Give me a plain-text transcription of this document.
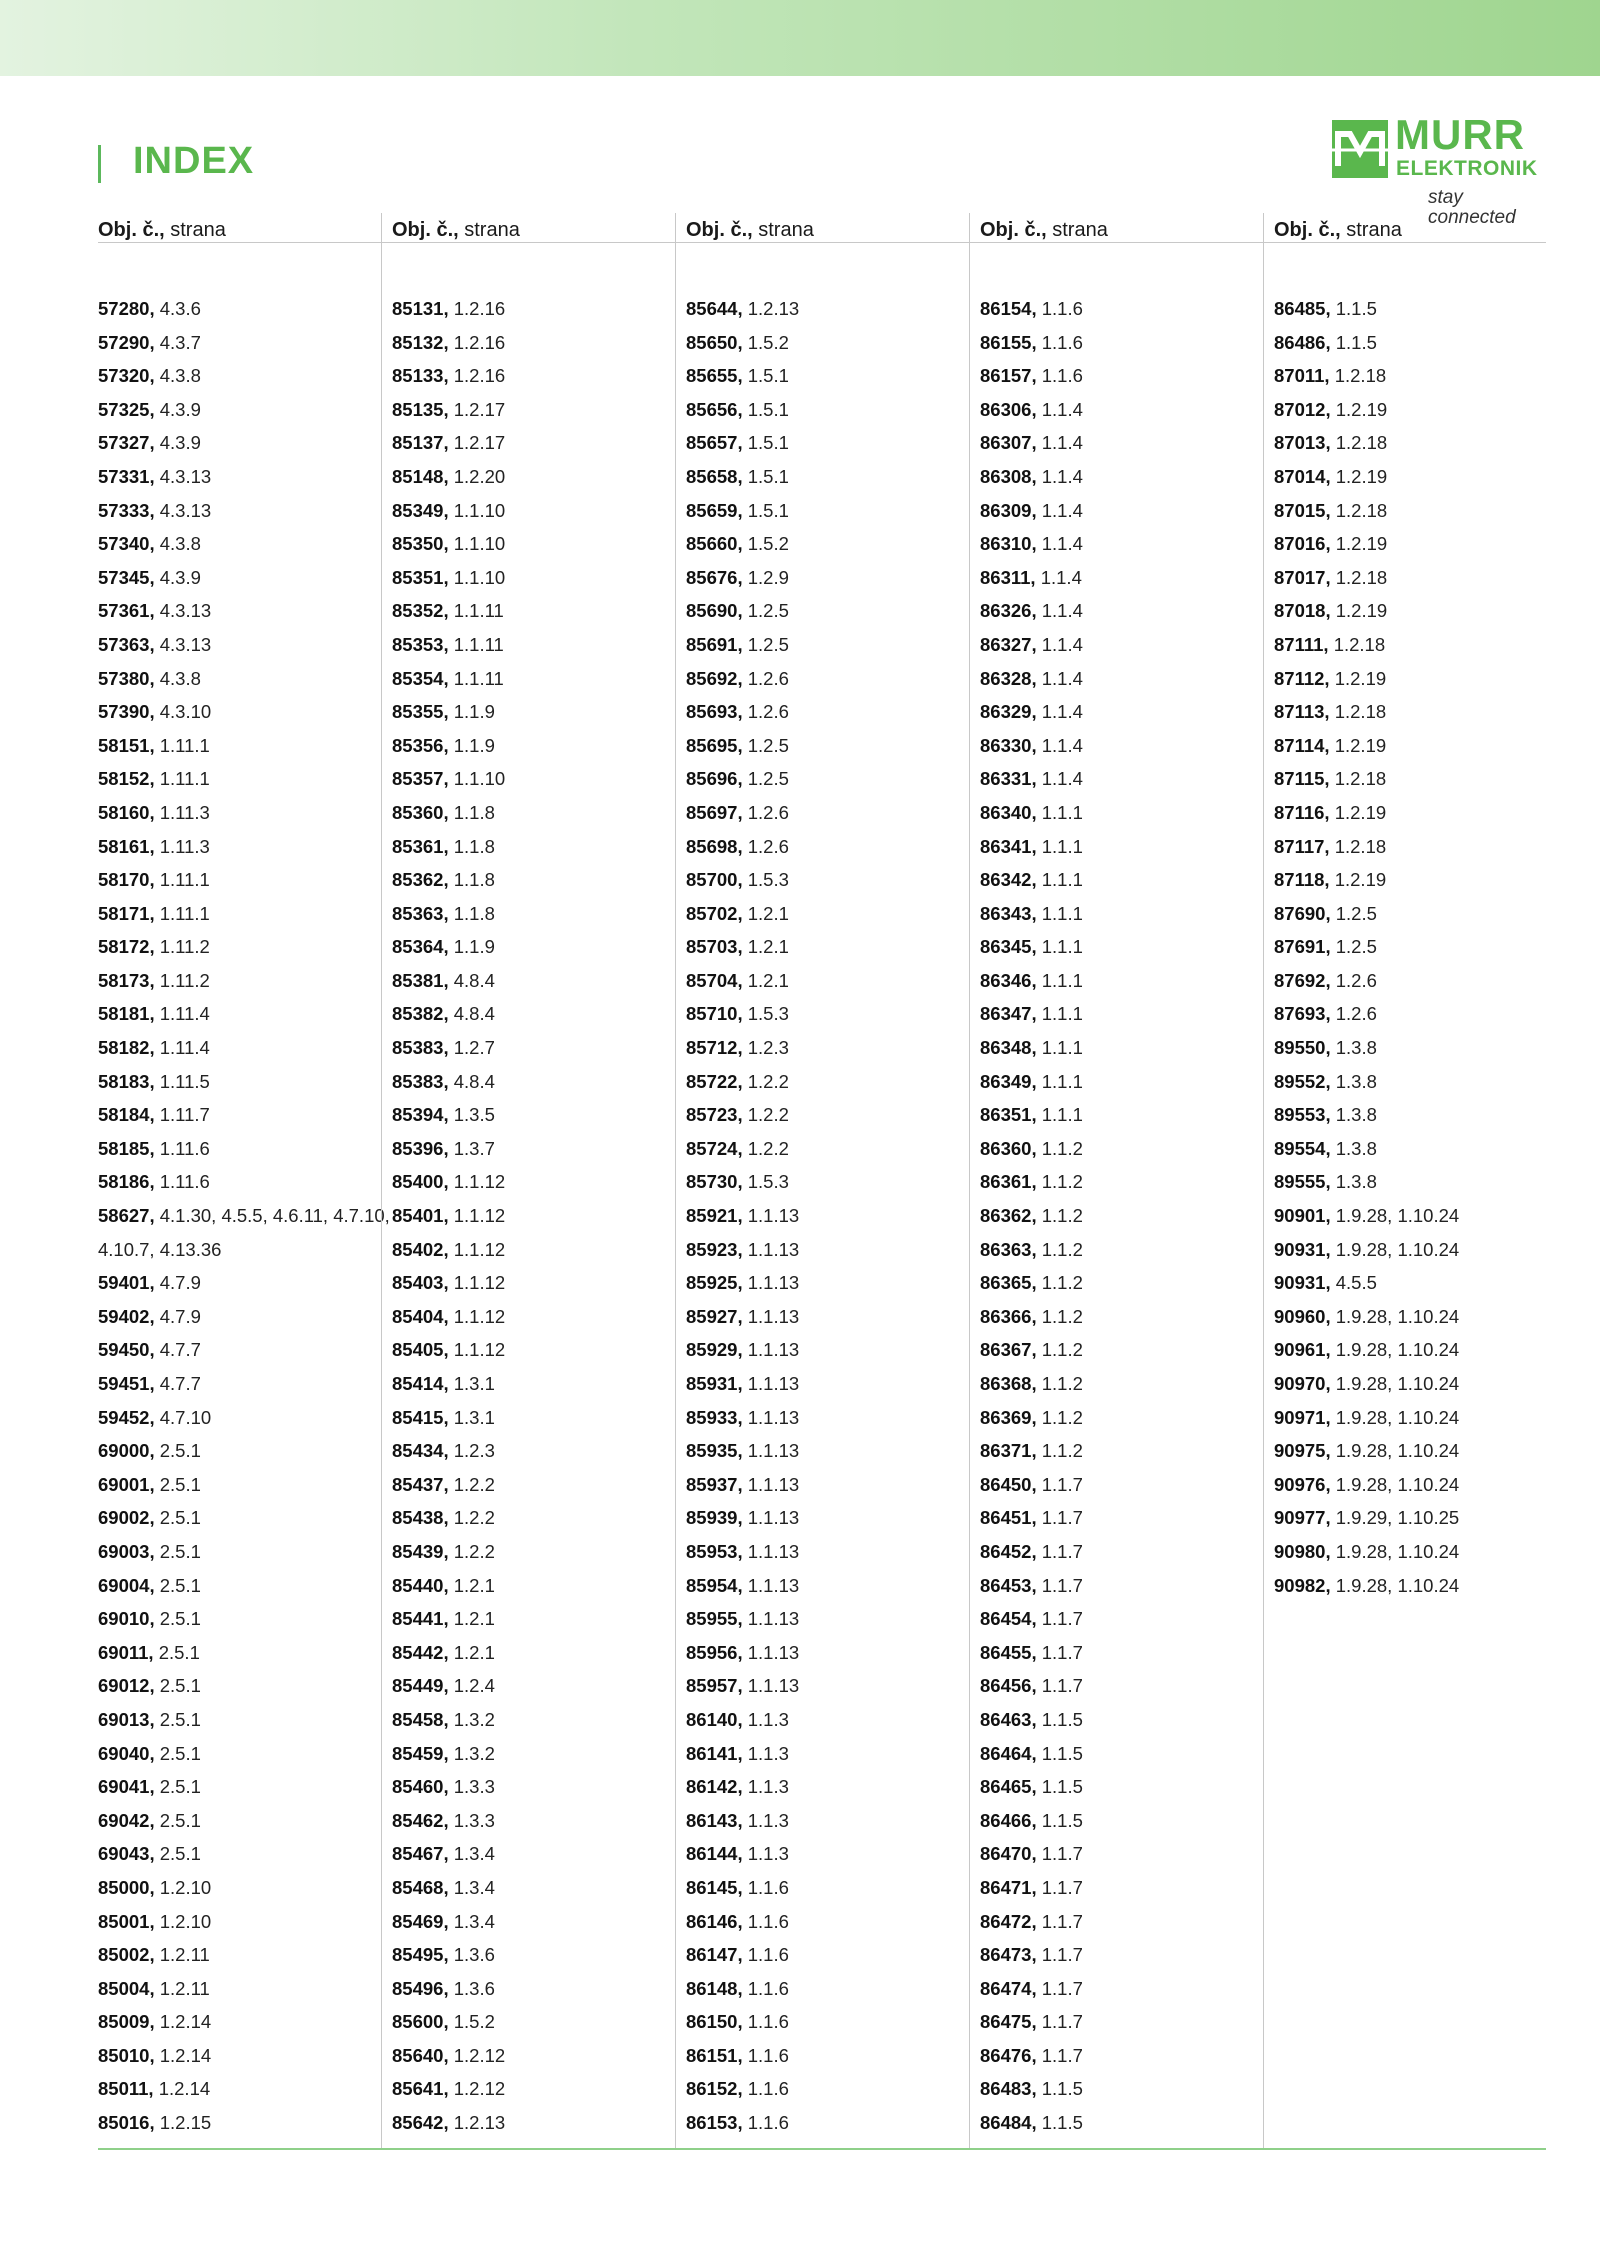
INDEX
MURR
ELEKTRONIK
stay connected
Obj. č., strana
57280, 4.3.6
57290, 4.3.7
57320, 4.3.8
57325, 4.3.9
57327, 4.3.9
57331, 4.3.13
57333, 4.3.13
57340, 4.3.8
57345, 4.3.9
57361, 4.3.13
57363, 4.3.13
57380, 4.3.8
57390, 4.3.10
58151, 1.11.1
58152, 1.11.1
58160, 1.11.3
58161, 1.11.3
58170, 1.11.1
58171, 1.11.1
58172, 1.11.2
58173, 1.11.2
58181, 1.11.4
58182, 1.11.4
58183, 1.11.5
58184, 1.11.7
58185, 1.11.6
58186, 1.11.6
58627, 4.1.30, 4.5.5, 4.6.11, 4.7.10,
4.10.7, 4.13.36
59401, 4.7.9
59402, 4.7.9
59450, 4.7.7
59451, 4.7.7
59452, 4.7.10
69000, 2.5.1
69001, 2.5.1
69002, 2.5.1
69003, 2.5.1
69004, 2.5.1
69010, 2.5.1
69011, 2.5.1
69012, 2.5.1
69013, 2.5.1
69040, 2.5.1
69041, 2.5.1
69042, 2.5.1
69043, 2.5.1
85000, 1.2.10
85001, 1.2.10
85002, 1.2.11
85004, 1.2.11
85009, 1.2.14
85010, 1.2.14
85011, 1.2.14
85016, 1.2.15
Obj. č., strana
85131, 1.2.16
85132, 1.2.16
85133, 1.2.16
85135, 1.2.17
85137, 1.2.17
85148, 1.2.20
85349, 1.1.10
85350, 1.1.10
85351, 1.1.10
85352, 1.1.11
85353, 1.1.11
85354, 1.1.11
85355, 1.1.9
85356, 1.1.9
85357, 1.1.10
85360, 1.1.8
85361, 1.1.8
85362, 1.1.8
85363, 1.1.8
85364, 1.1.9
85381, 4.8.4
85382, 4.8.4
85383, 1.2.7
85383, 4.8.4
85394, 1.3.5
85396, 1.3.7
85400, 1.1.12
85401, 1.1.12
85402, 1.1.12
85403, 1.1.12
85404, 1.1.12
85405, 1.1.12
85414, 1.3.1
85415, 1.3.1
85434, 1.2.3
85437, 1.2.2
85438, 1.2.2
85439, 1.2.2
85440, 1.2.1
85441, 1.2.1
85442, 1.2.1
85449, 1.2.4
85458, 1.3.2
85459, 1.3.2
85460, 1.3.3
85462, 1.3.3
85467, 1.3.4
85468, 1.3.4
85469, 1.3.4
85495, 1.3.6
85496, 1.3.6
85600, 1.5.2
85640, 1.2.12
85641, 1.2.12
85642, 1.2.13
Obj. č., strana
85644, 1.2.13
85650, 1.5.2
85655, 1.5.1
85656, 1.5.1
85657, 1.5.1
85658, 1.5.1
85659, 1.5.1
85660, 1.5.2
85676, 1.2.9
85690, 1.2.5
85691, 1.2.5
85692, 1.2.6
85693, 1.2.6
85695, 1.2.5
85696, 1.2.5
85697, 1.2.6
85698, 1.2.6
85700, 1.5.3
85702, 1.2.1
85703, 1.2.1
85704, 1.2.1
85710, 1.5.3
85712, 1.2.3
85722, 1.2.2
85723, 1.2.2
85724, 1.2.2
85730, 1.5.3
85921, 1.1.13
85923, 1.1.13
85925, 1.1.13
85927, 1.1.13
85929, 1.1.13
85931, 1.1.13
85933, 1.1.13
85935, 1.1.13
85937, 1.1.13
85939, 1.1.13
85953, 1.1.13
85954, 1.1.13
85955, 1.1.13
85956, 1.1.13
85957, 1.1.13
86140, 1.1.3
86141, 1.1.3
86142, 1.1.3
86143, 1.1.3
86144, 1.1.3
86145, 1.1.6
86146, 1.1.6
86147, 1.1.6
86148, 1.1.6
86150, 1.1.6
86151, 1.1.6
86152, 1.1.6
86153, 1.1.6
Obj. č., strana
86154, 1.1.6
86155, 1.1.6
86157, 1.1.6
86306, 1.1.4
86307, 1.1.4
86308, 1.1.4
86309, 1.1.4
86310, 1.1.4
86311, 1.1.4
86326, 1.1.4
86327, 1.1.4
86328, 1.1.4
86329, 1.1.4
86330, 1.1.4
86331, 1.1.4
86340, 1.1.1
86341, 1.1.1
86342, 1.1.1
86343, 1.1.1
86345, 1.1.1
86346, 1.1.1
86347, 1.1.1
86348, 1.1.1
86349, 1.1.1
86351, 1.1.1
86360, 1.1.2
86361, 1.1.2
86362, 1.1.2
86363, 1.1.2
86365, 1.1.2
86366, 1.1.2
86367, 1.1.2
86368, 1.1.2
86369, 1.1.2
86371, 1.1.2
86450, 1.1.7
86451, 1.1.7
86452, 1.1.7
86453, 1.1.7
86454, 1.1.7
86455, 1.1.7
86456, 1.1.7
86463, 1.1.5
86464, 1.1.5
86465, 1.1.5
86466, 1.1.5
86470, 1.1.7
86471, 1.1.7
86472, 1.1.7
86473, 1.1.7
86474, 1.1.7
86475, 1.1.7
86476, 1.1.7
86483, 1.1.5
86484, 1.1.5
Obj. č., strana
86485, 1.1.5
86486, 1.1.5
87011, 1.2.18
87012, 1.2.19
87013, 1.2.18
87014, 1.2.19
87015, 1.2.18
87016, 1.2.19
87017, 1.2.18
87018, 1.2.19
87111, 1.2.18
87112, 1.2.19
87113, 1.2.18
87114, 1.2.19
87115, 1.2.18
87116, 1.2.19
87117, 1.2.18
87118, 1.2.19
87690, 1.2.5
87691, 1.2.5
87692, 1.2.6
87693, 1.2.6
89550, 1.3.8
89552, 1.3.8
89553, 1.3.8
89554, 1.3.8
89555, 1.3.8
90901, 1.9.28, 1.10.24
90931, 1.9.28, 1.10.24
90931, 4.5.5
90960, 1.9.28, 1.10.24
90961, 1.9.28, 1.10.24
90970, 1.9.28, 1.10.24
90971, 1.9.28, 1.10.24
90975, 1.9.28, 1.10.24
90976, 1.9.28, 1.10.24
90977, 1.9.29, 1.10.25
90980, 1.9.28, 1.10.24
90982, 1.9.28, 1.10.24
